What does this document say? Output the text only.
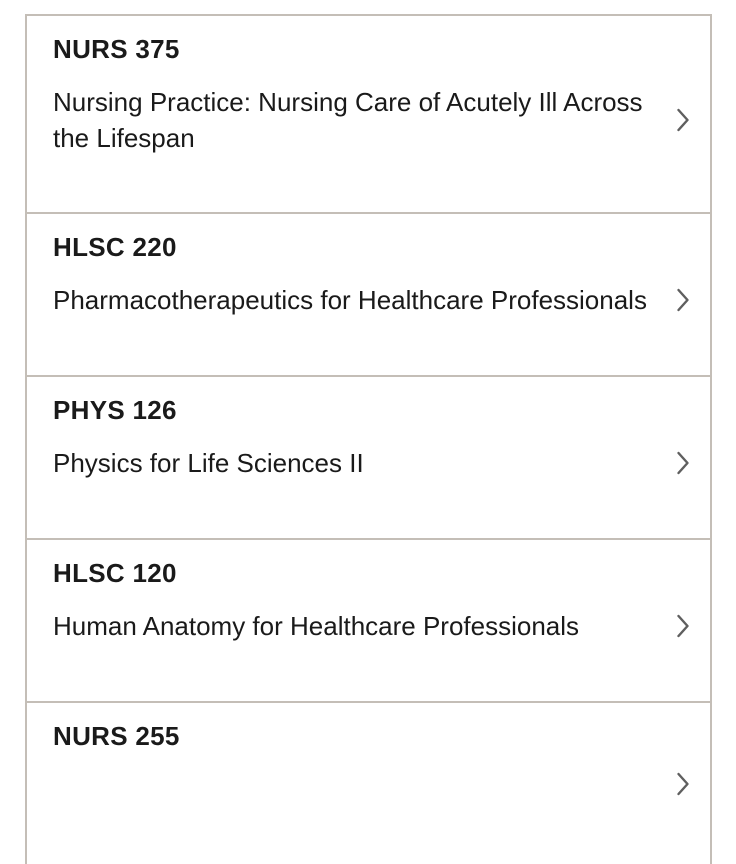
NURS 375
Nursing Practice: Nursing Care of Acutely Ill Across the Lifespan
HLSC 220
Pharmacotherapeutics for Healthcare Professionals
PHYS 126
Physics for Life Sciences II
HLSC 120
Human Anatomy for Healthcare Professionals
NURS 255
